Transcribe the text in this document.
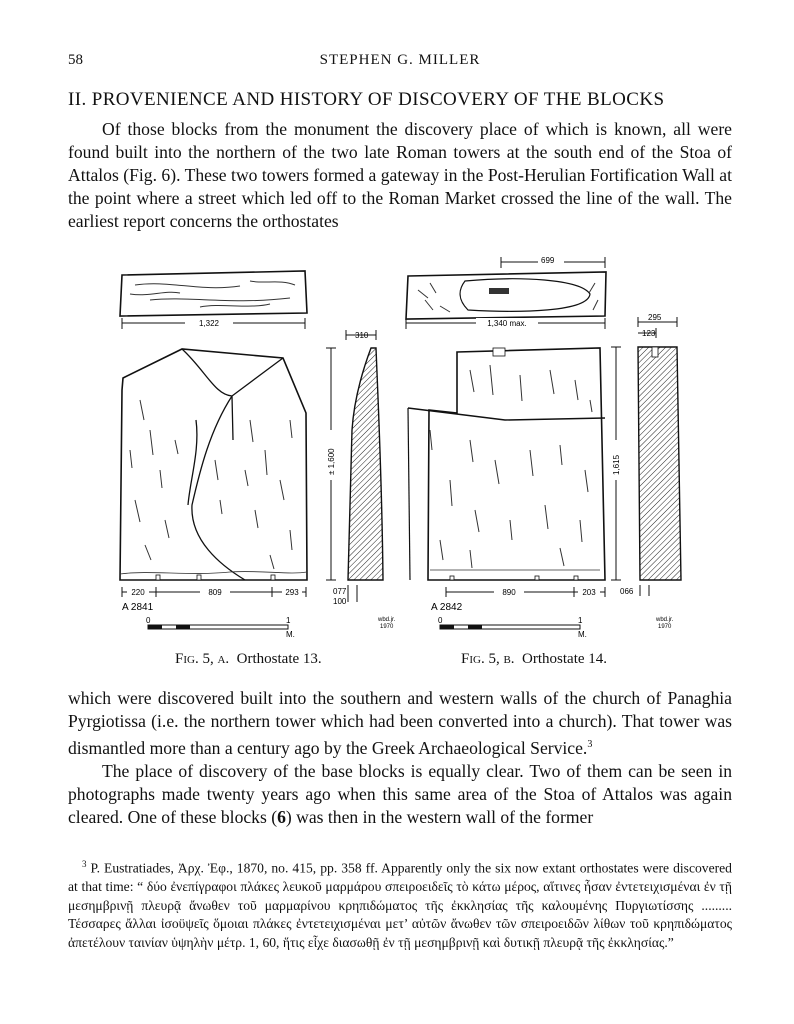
58	STEPHEN G. MILLER
II. PROVENIENCE AND HISTORY OF DISCOVERY OF THE BLOCKS

Of those blocks from the monument the discovery place of which is known, all were found built into the northern of the two late Roman towers at the south end of the Stoa of Attalos (Fig. 6). These two towers formed a gateway in the Post-Herulian Fortification Wall at the point where a street which led off to the Roman Market crossed the line of the wall. The earliest report concerns the orthostates

1,322
220	809	293
A 2841
310
± 1,600
077
100
wbd.jr.
1970
0	1
M.
699
1,340 max.
890	203
A 2842
295
123
1,615
066
wbd.jr.
1970
0	1
M.
Fig. 5, a. Orthostate 13.	Fig. 5, b. Orthostate 14.

which were discovered built into the southern and western walls of the church of Panaghia Pyrgiotissa (i.e. the northern tower which had been converted into a church). That tower was dismantled more than a century ago by the Greek Archaeological Service.$^3$

The place of discovery of the base blocks is equally clear. Two of them can be seen in photographs made twenty years ago when this same area of the Stoa of Attalos was again cleared. One of these blocks (6) was then in the western wall of the former

$^3$ P. Eustratiades, Ἀρχ. Ἐφ., 1870, no. 415, pp. 358 ff. Apparently only the six now extant orthostates were discovered at that time: “ δύο ἐνεπίγραφοι πλάκες λευκοῦ μαρμάρου σπειροειδεῖς τὸ κάτω μέρος, αἵτινες ἦσαν ἐντετειχισμέναι ἐν τῇ μεσημβρινῇ πλευρᾷ ἄνωθεν τοῦ μαρμαρίνου κρηπιδώματος τῆς ἐκκλησίας τῆς καλουμένης Πυργιωτίσσης ......... Τέσσαρες ἄλλαι ἰσοϋψεῖς ὅμοιαι πλάκες ἐντετειχισμέναι μετ’ αὐτῶν ἄνωθεν τῶν σπειροειδῶν λίθων τοῦ κρηπιδώματος ἀπετέλουν ταινίαν ὑψηλὴν μέτρ. 1, 60, ἥτις εἶχε διασωθῇ ἐν τῇ μεσημβρινῇ καὶ δυτικῇ πλευρᾷ τῆς ἐκκλησίας.”
